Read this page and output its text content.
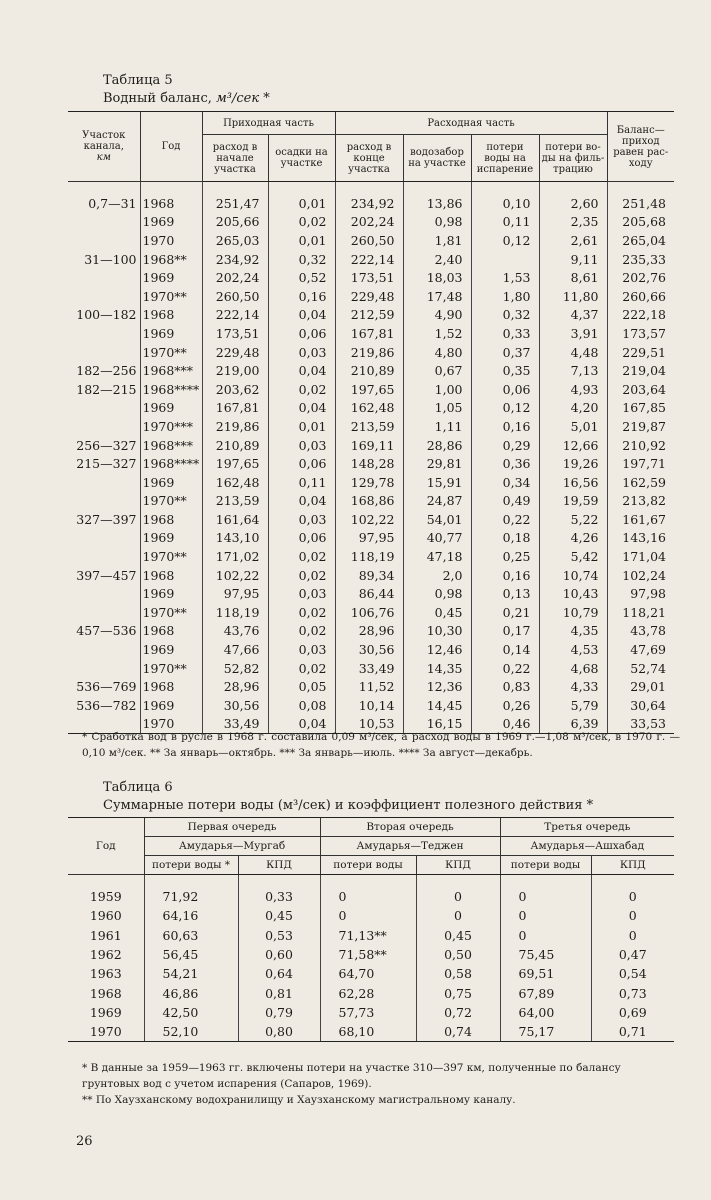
Таблица 5
Водный баланс, м³/сек *
Участок канала,
км	Год	Приходная часть		Расходная часть				Баланс— приход равен рас- ходу
		расход в начале участка	осадки на участке	расход в конце участка	водозабор на участке	потери воды на испарение	потери во- ды на филь- трацию	

0,7—31	1968	251,47	0,01	234,92	13,86	0,10	2,60	251,48
	1969	205,66	0,02	202,24	0,98	0,11	2,35	205,68
	1970	265,03	0,01	260,50	1,81	0,12	2,61	265,04
31—100	1968**	234,92	0,32	222,14	2,40		9,11	235,33
	1969	202,24	0,52	173,51	18,03	1,53	8,61	202,76
	1970**	260,50	0,16	229,48	17,48	1,80	11,80	260,66
100—182	1968	222,14	0,04	212,59	4,90	0,32	4,37	222,18
	1969	173,51	0,06	167,81	1,52	0,33	3,91	173,57
	1970**	229,48	0,03	219,86	4,80	0,37	4,48	229,51
182—256	1968***	219,00	0,04	210,89	0,67	0,35	7,13	219,04
182—215	1968****	203,62	0,02	197,65	1,00	0,06	4,93	203,64
	1969	167,81	0,04	162,48	1,05	0,12	4,20	167,85
	1970***	219,86	0,01	213,59	1,11	0,16	5,01	219,87
256—327	1968***	210,89	0,03	169,11	28,86	0,29	12,66	210,92
215—327	1968****	197,65	0,06	148,28	29,81	0,36	19,26	197,71
	1969	162,48	0,11	129,78	15,91	0,34	16,56	162,59
	1970**	213,59	0,04	168,86	24,87	0,49	19,59	213,82
327—397	1968	161,64	0,03	102,22	54,01	0,22	5,22	161,67
	1969	143,10	0,06	97,95	40,77	0,18	4,26	143,16
	1970**	171,02	0,02	118,19	47,18	0,25	5,42	171,04
397—457	1968	102,22	0,02	89,34	2,0	0,16	10,74	102,24
	1969	97,95	0,03	86,44	0,98	0,13	10,43	97,98
	1970**	118,19	0,02	106,76	0,45	0,21	10,79	118,21
457—536	1968	43,76	0,02	28,96	10,30	0,17	4,35	43,78
	1969	47,66	0,03	30,56	12,46	0,14	4,53	47,69
	1970**	52,82	0,02	33,49	14,35	0,22	4,68	52,74
536—769	1968	28,96	0,05	11,52	12,36	0,83	4,33	29,01
536—782	1969	30,56	0,08	10,14	14,45	0,26	5,79	30,64
	1970	33,49	0,04	10,53	16,15	0,46	6,39	33,53
* Сработка вод в русле в 1968 г. составила 0,09 м³/сек, а расход воды в 1969 г.—1,08 м³/сек, в 1970 г. —0,10 м³/сек. ** За январь—октябрь. *** За январь—июль. **** За август—декабрь.
Таблица 6
Суммарные потери воды (м³/сек) и коэффициент полезного действия *
Год	Первая очередь		Вторая очередь		Третья очередь	
	Амударья—Мургаб		Амударья—Теджен		Амударья—Ашхабад	
	потери воды *	КПД	потери воды	КПД	потери воды	КПД

1959	71,92	0,33	0	0	0	0
1960	64,16	0,45	0	0	0	0
1961	60,63	0,53	71,13**	0,45	0	0
1962	56,45	0,60	71,58**	0,50	75,45	0,47
1963	54,21	0,64	64,70	0,58	69,51	0,54
1968	46,86	0,81	62,28	0,75	67,89	0,73
1969	42,50	0,79	57,73	0,72	64,00	0,69
1970	52,10	0,80	68,10	0,74	75,17	0,71

* В данные за 1959—1963 гг. включены потери на участке 310—397 км, полученные по балансу грунтовых вод с учетом испарения (Сапаров, 1969).

** По Хаузханскому водохранилищу и Хаузханскому магистральному каналу.

26
